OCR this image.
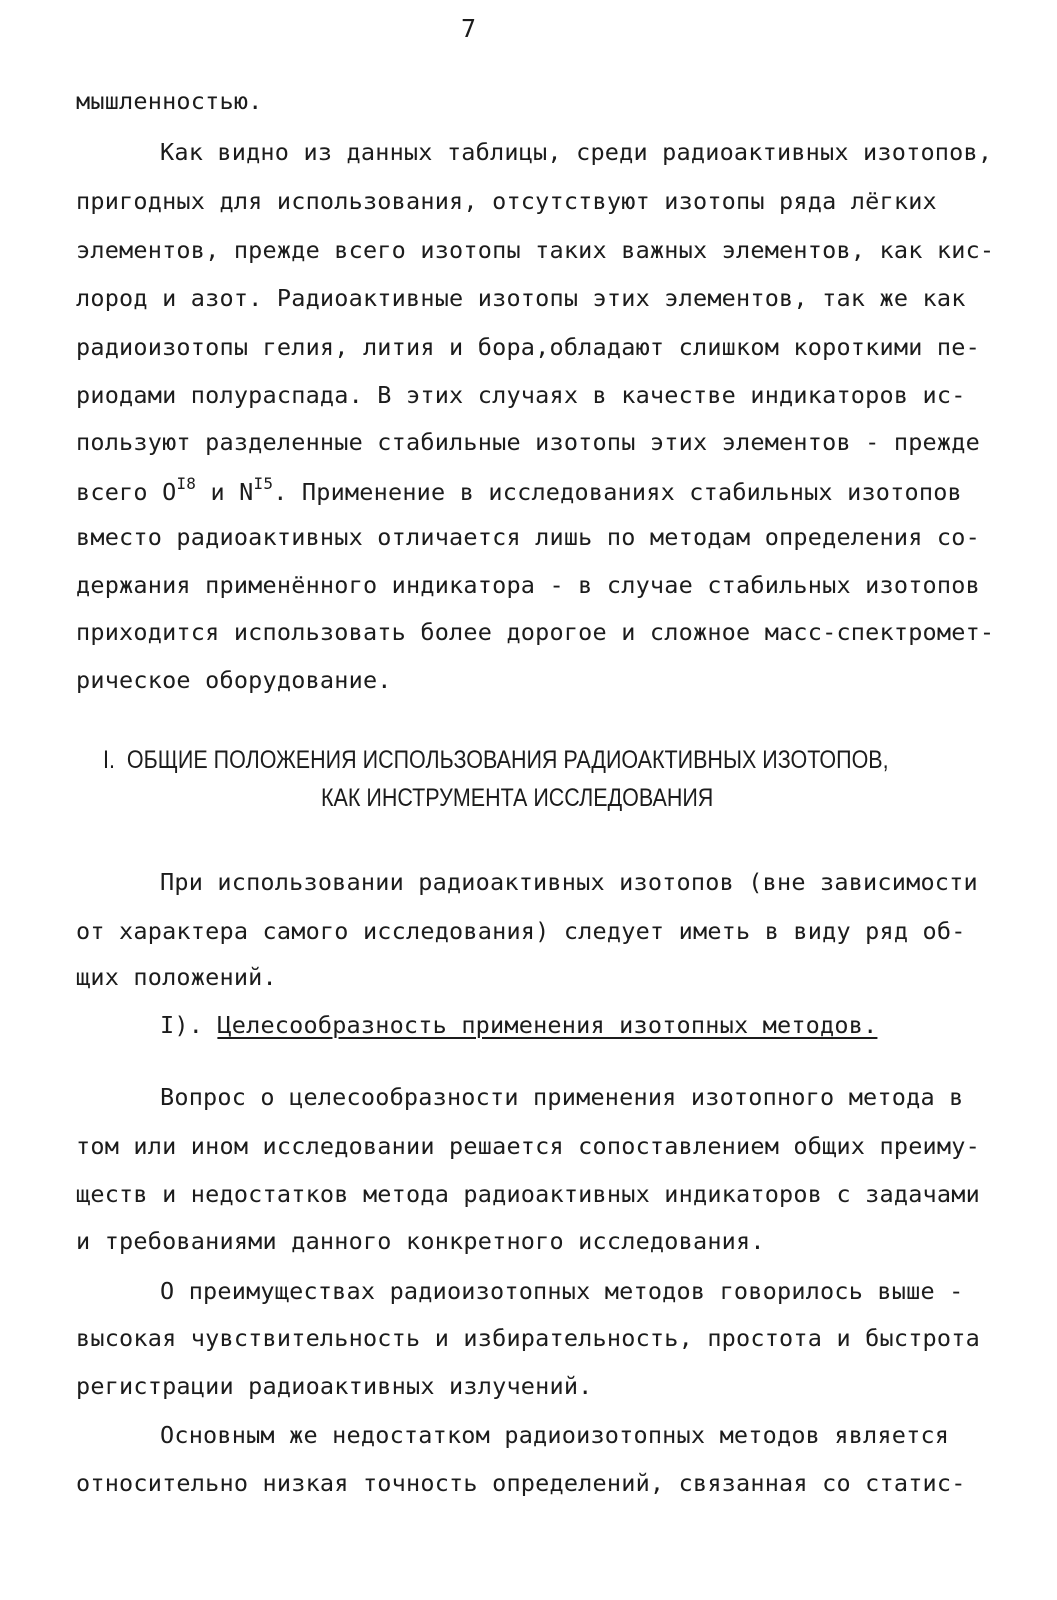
7
мышленностью.
Как видно из данных таблицы, среди радиоактивных изотопов,
пригодных для использования, отсутствуют изотопы ряда лёгких
элементов, прежде всего изотопы таких важных элементов, как кис-
лород и азот. Радиоактивные изотопы этих элементов, так же как
радиоизотопы гелия, лития и бора,обладают слишком короткими пе-
риодами полураспада. В этих случаях в качестве индикаторов ис-
пользуют разделенные стабильные изотопы этих элементов - прежде
всего $O^{I8}$ и $N^{I5}$. Применение в исследованиях стабильных изотопов
вместо радиоактивных отличается лишь по методам определения со-
держания применённого индикатора - в случае стабильных изотопов
приходится использовать более дорогое и сложное масс-спектромет-
рическое оборудование.
I.  ОБЩИЕ ПОЛОЖЕНИЯ ИСПОЛЬЗОВАНИЯ РАДИОАКТИВНЫХ ИЗОТОПОВ,
КАК ИНСТРУМЕНТА ИССЛЕДОВАНИЯ
При использовании радиоактивных изотопов (вне зависимости
от характера самого исследования) следует иметь в виду ряд об-
щих положений.
I). Целесообразность применения изотопных методов.
Вопрос о целесообразности применения изотопного метода в
том или ином исследовании решается сопоставлением общих преиму-
ществ и недостатков метода радиоактивных индикаторов с задачами
и требованиями данного конкретного исследования.
О преимуществах радиоизотопных методов говорилось выше -
высокая чувствительность и избирательность, простота и быстрота
регистрации радиоактивных излучений.
Основным же недостатком радиоизотопных методов является
относительно низкая точность определений, связанная со статис-
